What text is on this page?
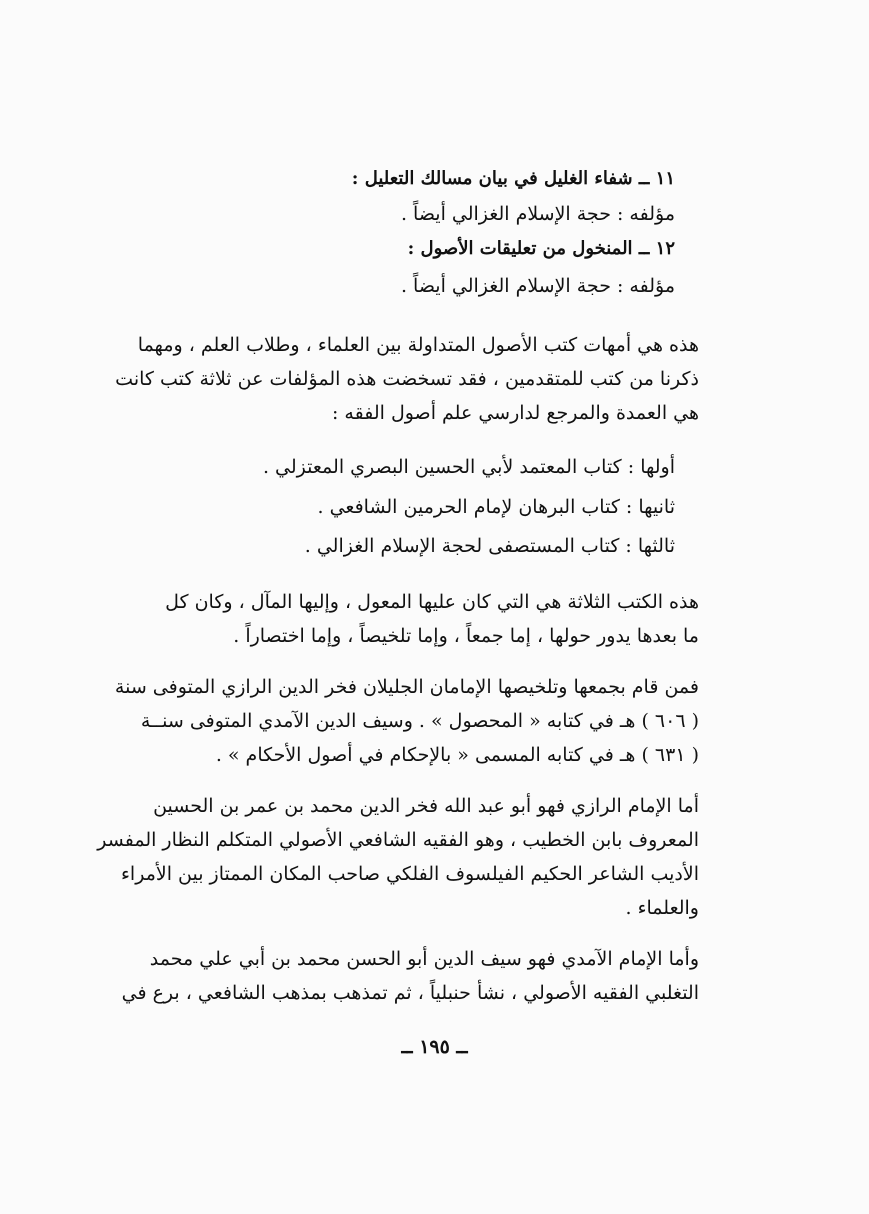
١١ ــ شفاء الغليل في بيان مسالك التعليل :
مؤلفه : حجة الإسلام الغزالي أيضاً .
١٢ ــ المنخول من تعليقات الأصول :
مؤلفه : حجة الإسلام الغزالي أيضاً .
هذه هي أمهات كتب الأصول المتداولة بين العلماء ، وطلاب العلم ، ومهما
ذكرنا من كتب للمتقدمين ، فقد تسخضت هذه المؤلفات عن ثلاثة كتب كانت
هي العمدة والمرجع لدارسي علم أصول الفقه :
أولها : كتاب المعتمد لأبي الحسين البصري المعتزلي .
ثانيها : كتاب البرهان لإمام الحرمين الشافعي .
ثالثها : كتاب المستصفى لحجة الإسلام الغزالي .
هذه الكتب الثلاثة هي التي كان عليها المعول ، وإليها المآل ، وكان كل
ما بعدها يدور حولها ، إما جمعاً ، وإما تلخيصاً ، وإما اختصاراً .
فمن قام بجمعها وتلخيصها الإمامان الجليلان فخر الدين الرازي المتوفى سنة
( ٦٠٦ ) هـ في كتابه « المحصول » . وسيف الدين الآمدي المتوفى سنــة
( ٦٣١ ) هـ في كتابه المسمى « بالإحكام في أصول الأحكام » .
أما الإمام الرازي فهو أبو عبد الله فخر الدين محمد بن عمر بن الحسين
المعروف بابن الخطيب ، وهو الفقيه الشافعي الأصولي المتكلم النظار المفسر
الأديب الشاعر الحكيم الفيلسوف الفلكي صاحب المكان الممتاز بين الأمراء
والعلماء .
وأما الإمام الآمدي فهو سيف الدين أبو الحسن محمد بن أبي علي محمد
التغلبي الفقيه الأصولي ، نشأ حنبلياً ، ثم تمذهب بمذهب الشافعي ، برع في
ــ ١٩٥ ــ
